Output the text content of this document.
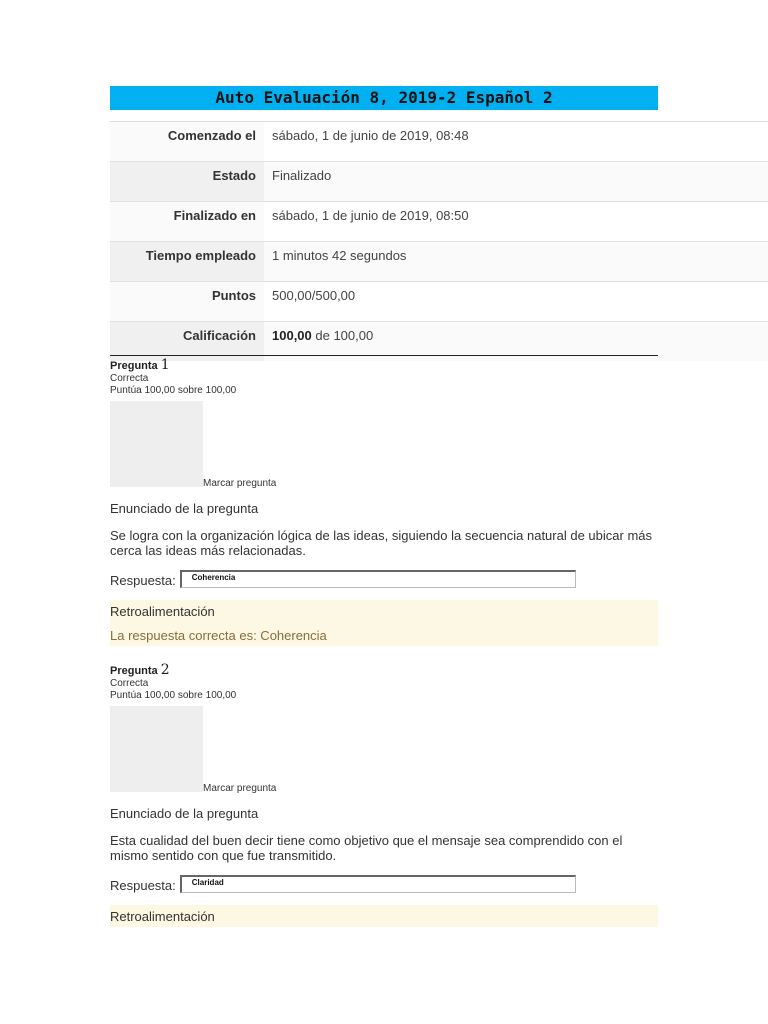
Auto Evaluación 8, 2019-2 Español 2
Comenzado el	sábado, 1 de junio de 2019, 08:48
Estado	Finalizado
Finalizado en	sábado, 1 de junio de 2019, 08:50
Tiempo empleado	1 minutos 42 segundos
Puntos	500,00/500,00
Calificación	100,00 de 100,00
Pregunta 1
Correcta
Puntúa 100,00 sobre 100,00
Marcar pregunta
Enunciado de la pregunta
Se logra con la organización lógica de las ideas, siguiendo la secuencia natural de ubicar más cerca las ideas más relacionadas.
Respuesta:	Coherencia
Retroalimentación
La respuesta correcta es: Coherencia
Pregunta 2
Correcta
Puntúa 100,00 sobre 100,00
Marcar pregunta
Enunciado de la pregunta
Esta cualidad del buen decir tiene como objetivo que el mensaje sea comprendido con el mismo sentido con que fue transmitido.
Respuesta:	Claridad
Retroalimentación
